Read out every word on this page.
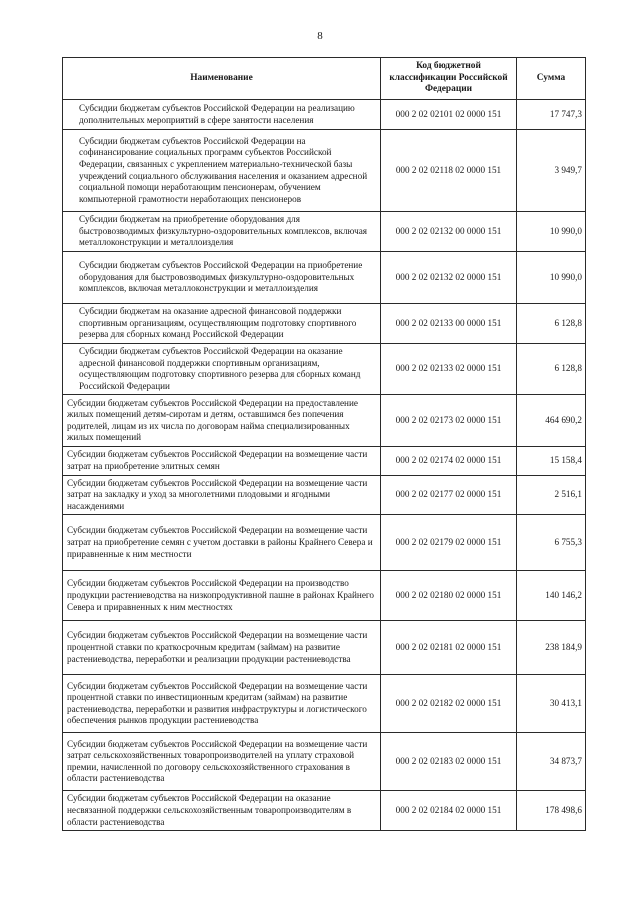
8
Наименование	Код бюджетной классификации Российской Федерации	Сумма
Субсидии бюджетам субъектов Российской Федерации на реализацию дополнительных мероприятий в сфере занятости населения	000 2 02 02101 02 0000 151	17 747,3
Субсидии бюджетам субъектов Российской Федерации на софинансирование социальных программ субъектов Российской Федерации, связанных с укреплением материально-технической базы учреждений социального обслуживания населения и оказанием адресной социальной помощи неработающим пенсионерам, обучением компьютерной грамотности неработающих пенсионеров	000 2 02 02118 02 0000 151	3 949,7
Субсидии бюджетам на приобретение оборудования для быстровозводимых физкультурно-оздоровительных комплексов, включая металлоконструкции и металлоизделия	000 2 02 02132 00 0000 151	10 990,0
Субсидии бюджетам субъектов Российской Федерации на приобретение оборудования для быстровозводимых физкультурно-оздоровительных комплексов, включая металлоконструкции и металлоизделия	000 2 02 02132 02 0000 151	10 990,0
Субсидии бюджетам на оказание адресной финансовой поддержки спортивным организациям, осуществляющим подготовку спортивного резерва для сборных команд Российской Федерации	000 2 02 02133 00 0000 151	6 128,8
Субсидии бюджетам субъектов Российской Федерации на оказание адресной финансовой поддержки спортивным организациям, осуществляющим подготовку спортивного резерва для сборных команд Российской Федерации	000 2 02 02133 02 0000 151	6 128,8
Субсидии бюджетам субъектов Российской Федерации на предоставление жилых помещений детям-сиротам и детям, оставшимся без попечения родителей, лицам из их числа по договорам найма специализированных жилых помещений	000 2 02 02173 02 0000 151	464 690,2
Субсидии бюджетам субъектов Российской Федерации на возмещение части затрат на приобретение элитных семян	000 2 02 02174 02 0000 151	15 158,4
Субсидии бюджетам субъектов Российской Федерации на возмещение части затрат на закладку и уход за многолетними плодовыми и ягодными насаждениями	000 2 02 02177 02 0000 151	2 516,1
Субсидии бюджетам субъектов Российской Федерации на возмещение части затрат на приобретение семян с учетом доставки в районы Крайнего Севера и приравненные к ним местности	000 2 02 02179 02 0000 151	6 755,3
Субсидии бюджетам субъектов Российской Федерации на производство продукции растениеводства на низкопродуктивной пашне в районах Крайнего Севера и приравненных к ним местностях	000 2 02 02180 02 0000 151	140 146,2
Субсидии бюджетам субъектов Российской Федерации на возмещение части процентной ставки по краткосрочным кредитам (займам) на развитие растениеводства, переработки и реализации продукции растениеводства	000 2 02 02181 02 0000 151	238 184,9
Субсидии бюджетам субъектов Российской Федерации на возмещение части процентной ставки по инвестиционным кредитам (займам) на развитие растениеводства, переработки и развития инфраструктуры и логистического обеспечения рынков продукции растениеводства	000 2 02 02182 02 0000 151	30 413,1
Субсидии бюджетам субъектов Российской Федерации на возмещение части затрат сельскохозяйственных товаропроизводителей на уплату страховой премии, начисленной по договору сельскохозяйственного страхования в области растениеводства	000 2 02 02183 02 0000 151	34 873,7
Субсидии бюджетам субъектов Российской Федерации на оказание несвязанной поддержки сельскохозяйственным товаропроизводителям в области растениеводства	000 2 02 02184 02 0000 151	178 498,6
